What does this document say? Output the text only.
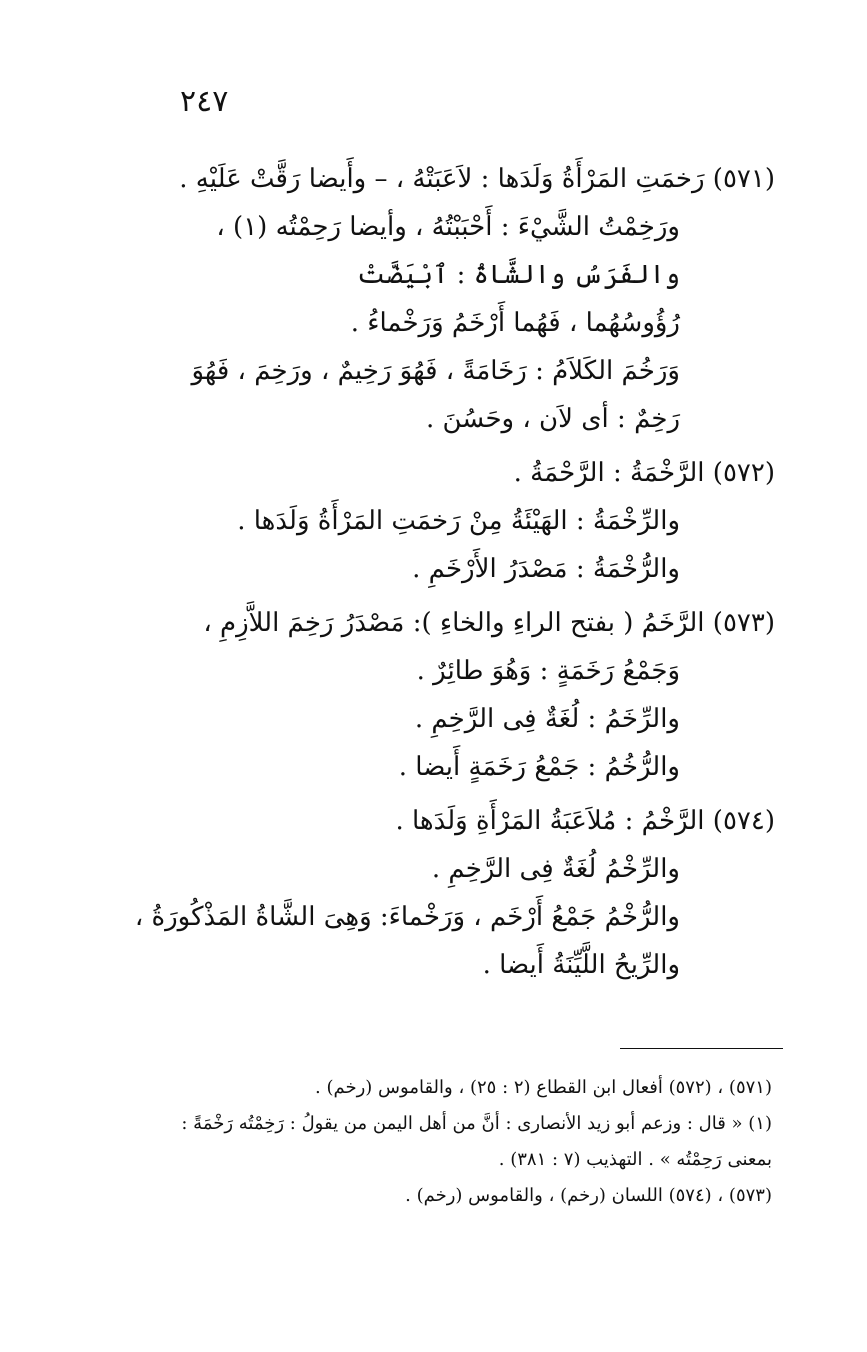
٢٤٧
(٥٧١) رَخمَتِ المَرْأَةُ وَلَدَها : لاَعَبَتْهُ ، – وأَيضا رَقَّتْ عَلَيْهِ .
ورَخِمْتُ الشَّيْءَ : أَحْبَبْتُهُ ، وأيضا رَحِمْتُه (١) ،
والفَرَسُ والشَّاةُ : ٱبْيَضَّتْ
رُؤُوسُهُما ، فَهُما أَرْخَمُ وَرَخْماءُ .
وَرَخُمَ الكَلاَمُ : رَخَامَةً ، فَهُوَ رَخِيمٌ ، ورَخِمَ ، فَهُوَ
رَخِمٌ : أى لاَن ، وحَسُنَ .
(٥٧٢) الرَّخْمَةُ : الرَّحْمَةُ .
والرِّخْمَةُ : الهَيْئَةُ مِنْ رَخمَتِ المَرْأَةُ وَلَدَها .
والرُّخْمَةُ : مَصْدَرُ الأَرْخَمِ .
(٥٧٣) الرَّخَمُ ( بفتح الراءِ والخاءِ ): مَصْدَرُ رَخِمَ اللاَّزِمِ ،
وَجَمْعُ رَخَمَةٍ : وَهُوَ طائِرٌ .
والرِّخَمُ : لُغَةٌ فِى الرَّخِمِ .
والرُّخُمُ : جَمْعُ رَخَمَةٍ أَيضا .
(٥٧٤) الرَّخْمُ : مُلاَعَبَةُ المَرْأَةِ وَلَدَها .
والرِّخْمُ لُغَةٌ فِى الرَّخِمِ .
والرُّخْمُ جَمْعُ أَرْخَم ، وَرَخْماءَ: وَهِىَ الشَّاةُ المَذْكُورَةُ ،
والرِّيحُ اللَّيِّنَةُ أَيضا .
(٥٧١) ، (٥٧٢) أفعال ابن القطاع (٢ : ٢٥) ، والقاموس (رخم) .
(١) « قال : وزعم أبو زيد الأنصارى : أنَّ من أهل اليمن من يقولُ : رَخِمْتُه رَخْمَةً :
بمعنى رَحِمْتُه » . التهذيب (٧ : ٣٨١) .
(٥٧٣) ، (٥٧٤) اللسان (رخم) ، والقاموس (رخم) .
